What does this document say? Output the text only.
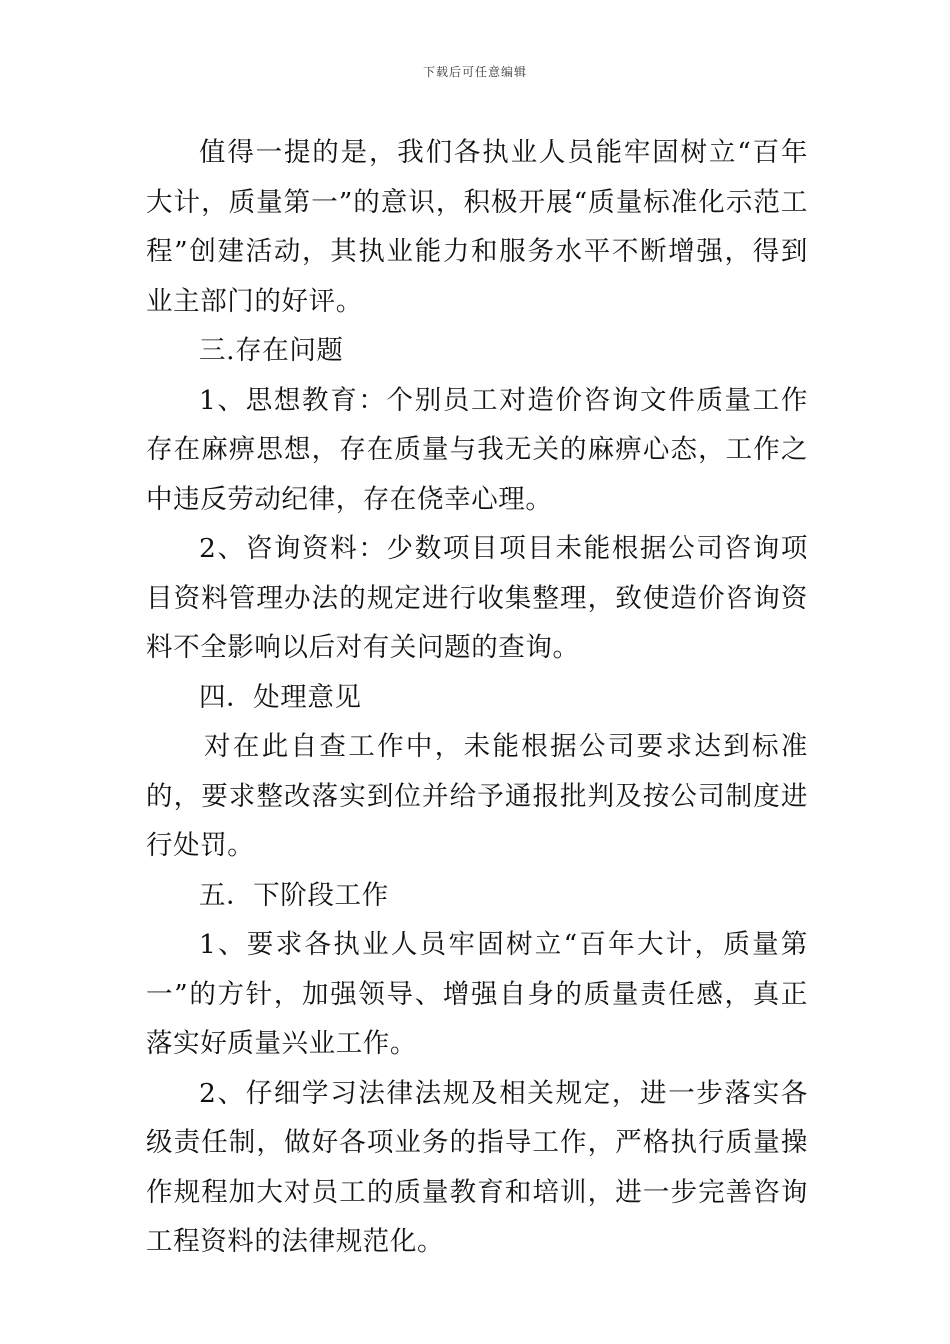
下载后可任意编辑

值得一提的是，我们各执业人员能牢固树立“百年大计，质量第一”的意识，积极开展“质量标准化示范工程”创建活动，其执业能力和服务水平不断增强，得到业主部门的好评。

三.存在问题

1、思想教育：个别员工对造价咨询文件质量工作存在麻痹思想，存在质量与我无关的麻痹心态，工作之中违反劳动纪律，存在侥幸心理。

2、咨询资料：少数项目项目未能根据公司咨询项目资料管理办法的规定进行收集整理，致使造价咨询资料不全影响以后对有关问题的查询。

四．处理意见

对在此自查工作中，未能根据公司要求达到标准的，要求整改落实到位并给予通报批判及按公司制度进行处罚。

五．下阶段工作

1、要求各执业人员牢固树立“百年大计，质量第一”的方针，加强领导、增强自身的质量责任感，真正落实好质量兴业工作。

2、仔细学习法律法规及相关规定，进一步落实各级责任制，做好各项业务的指导工作，严格执行质量操作规程加大对员工的质量教育和培训，进一步完善咨询工程资料的法律规范化。
